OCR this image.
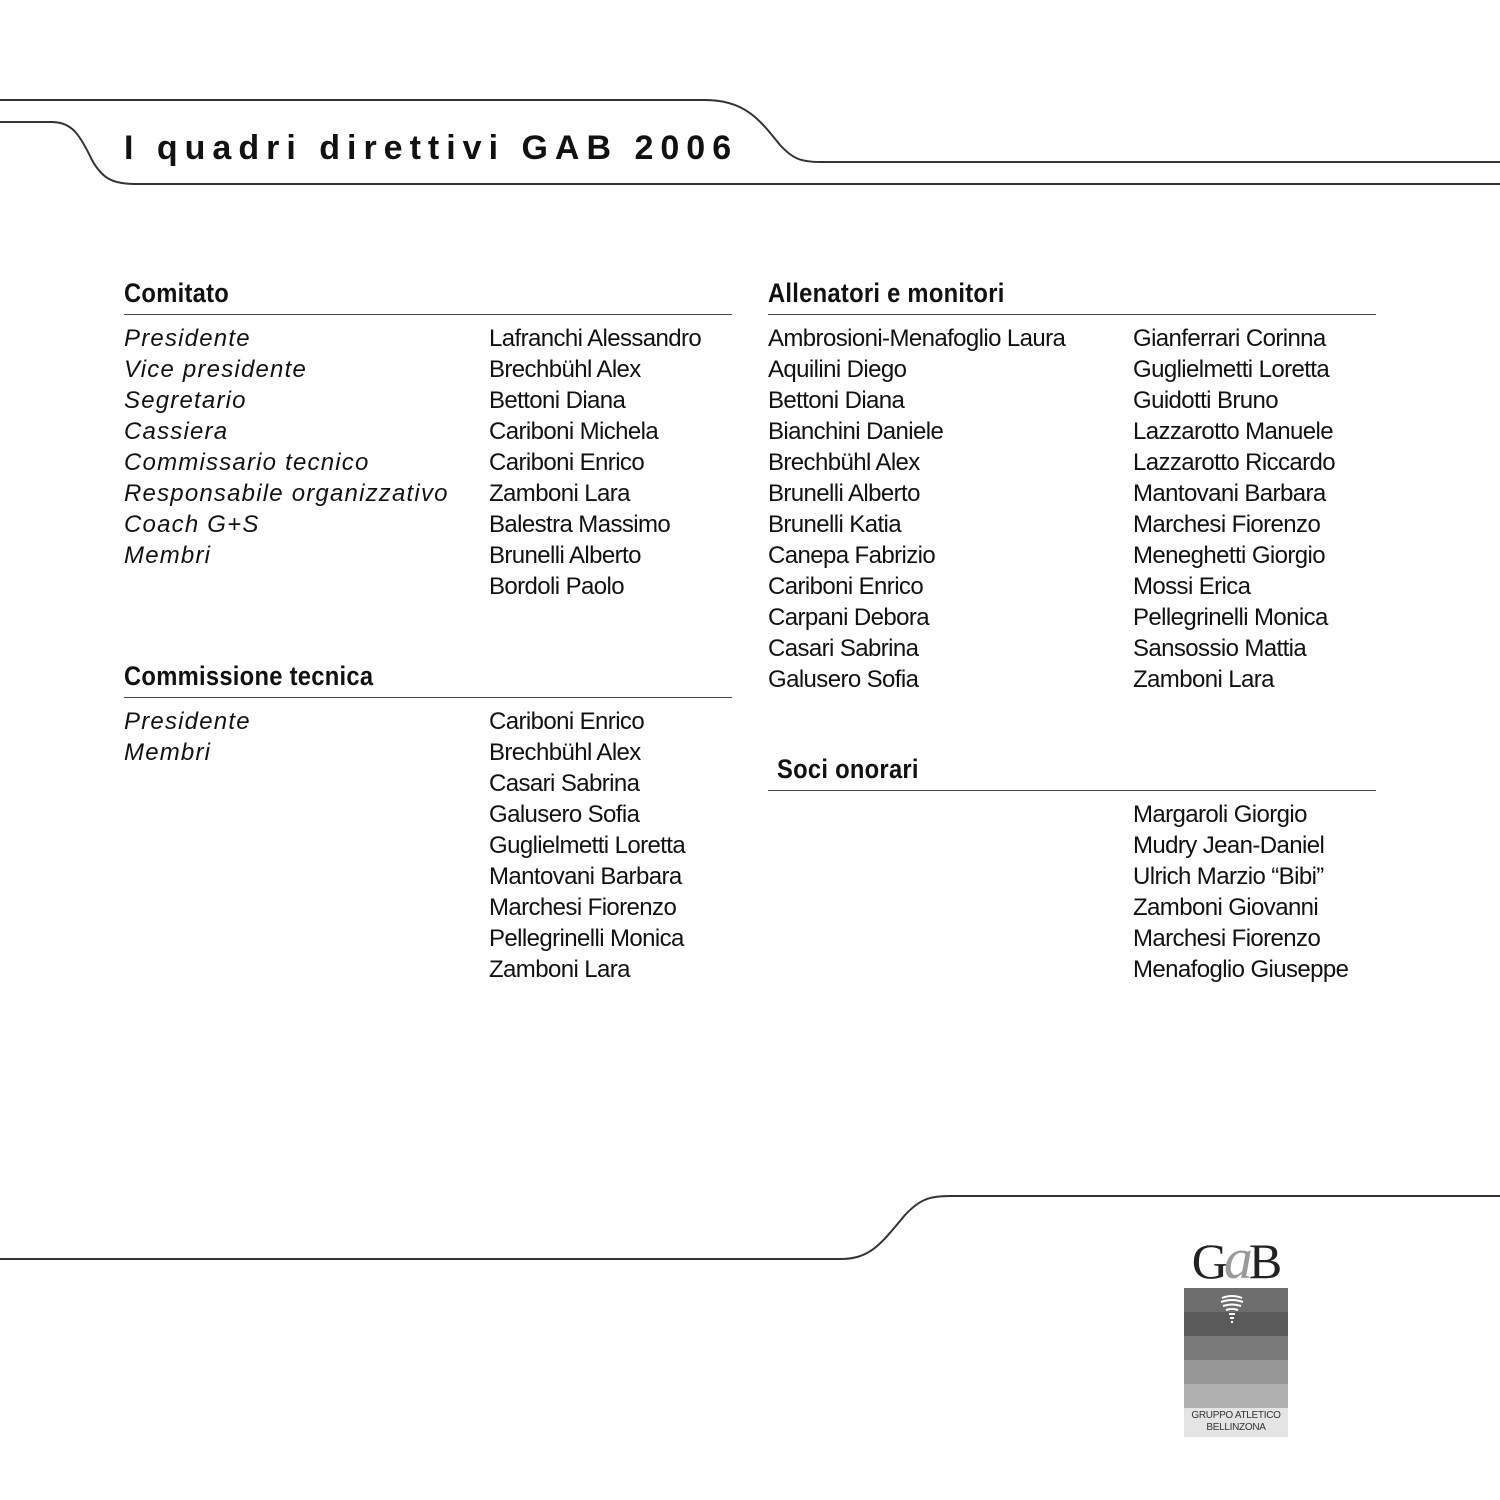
I quadri direttivi GAB 2006
Comitato
Presidente
Vice presidente
Segretario
Cassiera
Commissario tecnico
Responsabile organizzativo
Coach G+S
Membri
Lafranchi Alessandro
Brechbühl Alex
Bettoni Diana
Cariboni Michela
Cariboni Enrico
Zamboni Lara
Balestra Massimo
Brunelli Alberto
Bordoli Paolo
Commissione tecnica
Presidente
Membri
Cariboni Enrico
Brechbühl Alex
Casari Sabrina
Galusero Sofia
Guglielmetti Loretta
Mantovani Barbara
Marchesi Fiorenzo
Pellegrinelli Monica
Zamboni Lara
Allenatori e monitori
Ambrosioni-Menafoglio Laura
Aquilini Diego
Bettoni Diana
Bianchini Daniele
Brechbühl Alex
Brunelli Alberto
Brunelli Katia
Canepa Fabrizio
Cariboni Enrico
Carpani Debora
Casari Sabrina
Galusero Sofia
Gianferrari Corinna
Guglielmetti Loretta
Guidotti Bruno
Lazzarotto Manuele
Lazzarotto Riccardo
Mantovani Barbara
Marchesi Fiorenzo
Meneghetti Giorgio
Mossi Erica
Pellegrinelli Monica
Sansossio Mattia
Zamboni Lara
Soci onorari
Margaroli Giorgio
Mudry Jean-Daniel
Ulrich Marzio “Bibi”
Zamboni Giovanni
Marchesi Fiorenzo
Menafoglio Giuseppe
GaB
GRUPPO ATLETICO
BELLINZONA
